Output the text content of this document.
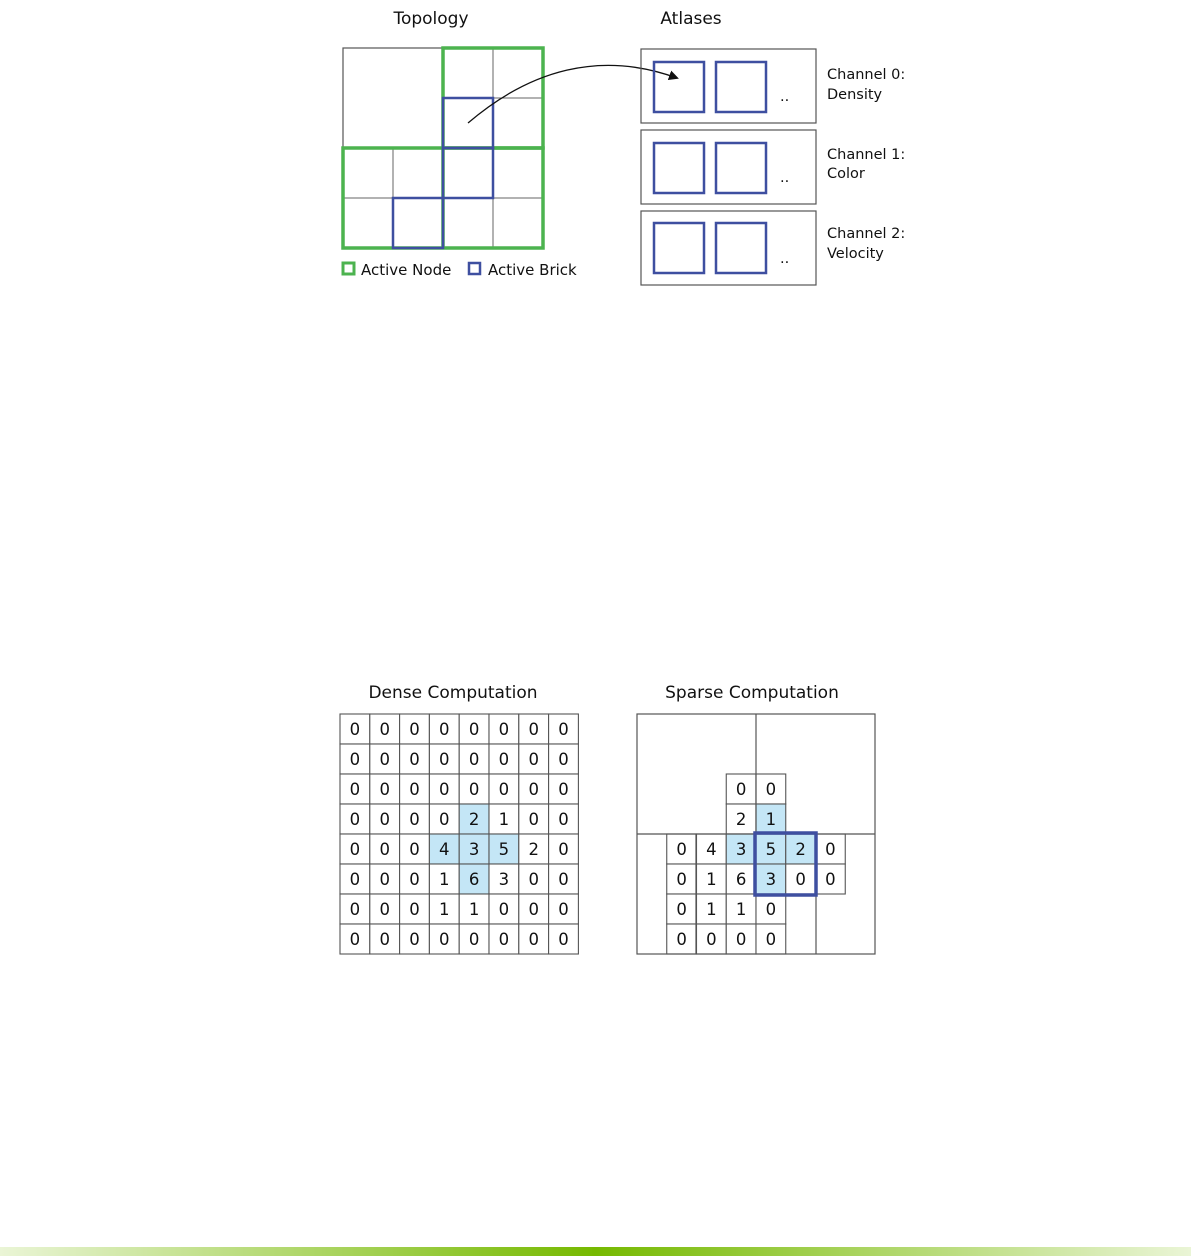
Topology
Active Node Active Brick
Atlases
..
Channel 0:
Density
..
Channel 1:
Color
..
Channel 2:
Velocity
Dense Computation
0 0 0 0 0 0 0 0
0 0 0 0 0 0 0 0
0 0 0 0 0 0 0 0
0 0 0 0 2 1 0 0
0 0 0 4 3 5 2 0
0 0 0 1 6 3 0 0
0 0 0 1 1 0 0 0
0 0 0 0 0 0 0 0
Sparse Computation
0 0
2 1
0 4 3 5 2 0
0 1 6 3 0 0
0 1 1 0
0 0 0 0
